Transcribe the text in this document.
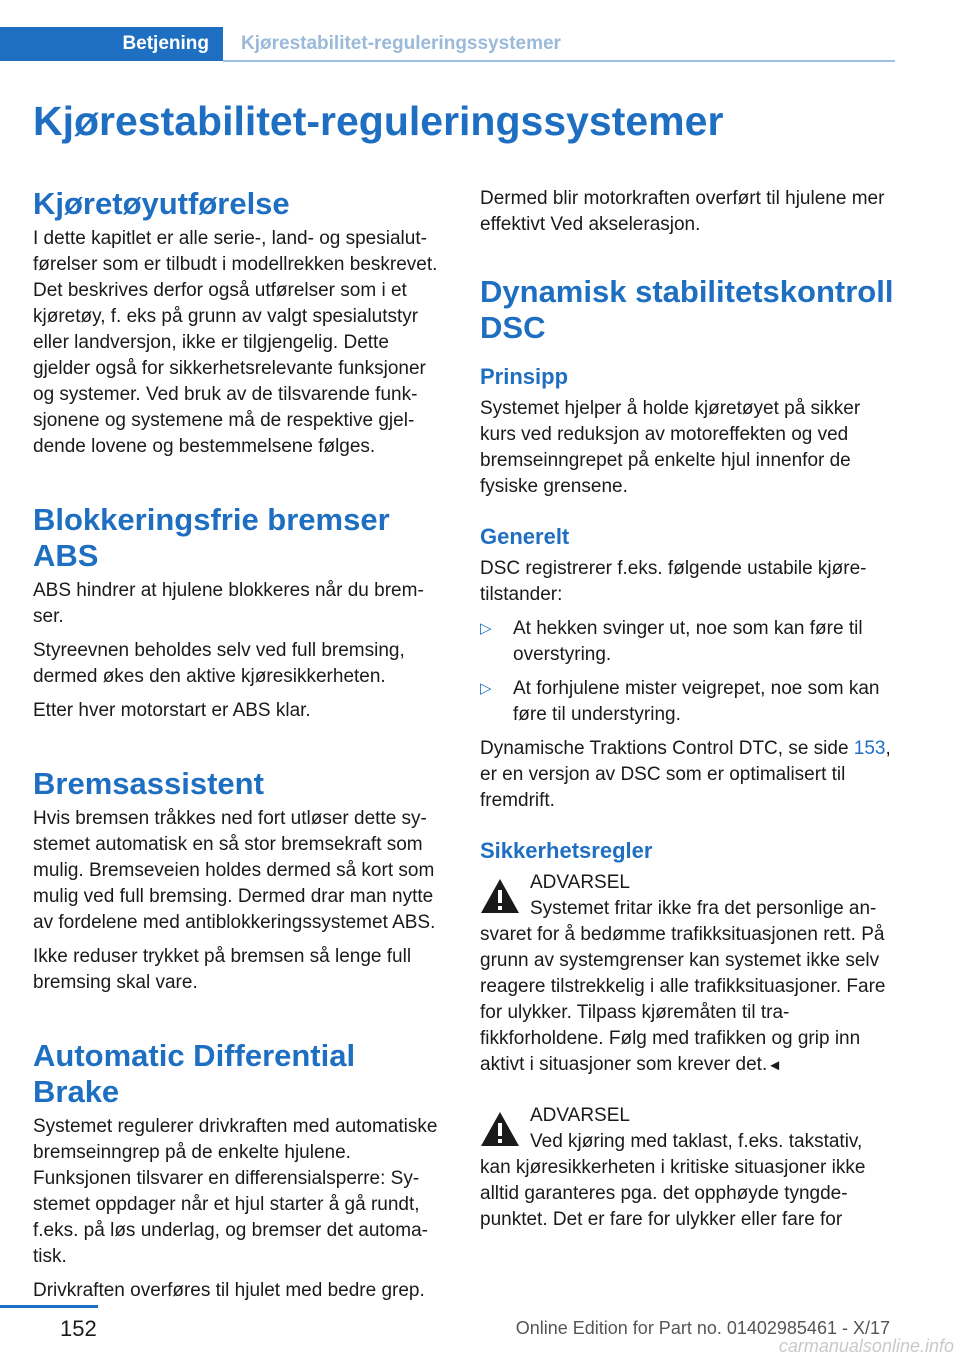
Betjening	Kjørestabilitet-reguleringssystemer
Kjørestabilitet-reguleringssystemer
Kjøretøyutførelse

I dette kapitlet er alle serie-, land- og spesialutførelser som er tilbudt i modellrekken beskrevet. Det beskrives derfor også utførelser som i et kjøretøy, f. eks på grunn av valgt spesialutstyr eller landversjon, ikke er tilgjengelig. Dette gjelder også for sikkerhetsrelevante funksjoner og systemer. Ved bruk av de tilsvarende funksjonene og systemene må de respektive gjeldende lovene og bestemmelsene følges.

Blokkeringsfrie bremser ABS

ABS hindrer at hjulene blokkeres når du bremser.

Styreevnen beholdes selv ved full bremsing, dermed økes den aktive kjøresikkerheten.

Etter hver motorstart er ABS klar.

Bremsassistent

Hvis bremsen tråkkes ned fort utløser dette systemet automatisk en så stor bremsekraft som mulig. Bremseveien holdes dermed så kort som mulig ved full bremsing. Dermed drar man nytte av fordelene med antiblokkeringssystemet ABS.

Ikke reduser trykket på bremsen så lenge full bremsing skal vare.

Automatic Differential Brake

Systemet regulerer drivkraften med automatiske bremseinngrep på de enkelte hjulene. Funksjonen tilsvarer en differensialsperre: Systemet oppdager når et hjul starter å gå rundt, f.eks. på løs underlag, og bremser det automatisk.

Drivkraften overføres til hjulet med bedre grep.

Dermed blir motorkraften overført til hjulene mer effektivt Ved akselerasjon.

Dynamisk stabilitetskontroll DSC
Prinsipp

Systemet hjelper å holde kjøretøyet på sikker kurs ved reduksjon av motoreffekten og ved bremseinngrepet på enkelte hjul innenfor de fysiske grensene.

Generelt

DSC registrerer f.eks. følgende ustabile kjøretilstander:

▷ At hekken svinger ut, noe som kan føre til overstyring.
▷ At forhjulene mister veigrepet, noe som kan føre til understyring.

Dynamische Traktions Control DTC, se side 153, er en versjon av DSC som er optimalisert til fremdrift.

Sikkerhetsregler
ADVARSEL

Systemet fritar ikke fra det personlige ansvaret for å bedømme trafikksituasjonen rett. På grunn av systemgrenser kan systemet ikke selv reagere tilstrekkelig i alle trafikksituasjoner. Fare for ulykker. Tilpass kjøremåten til trafikkforholdene. Følg med trafikken og grip inn aktivt i situasjoner som krever det.◄

ADVARSEL

Ved kjøring med taklast, f.eks. takstativ, kan kjøresikkerheten i kritiske situasjoner ikke alltid garanteres pga. det opphøyde tyngdepunktet. Det er fare for ulykker eller fare for

152	Online Edition for Part no. 01402985461 - X/17
carmanualsonline.info
